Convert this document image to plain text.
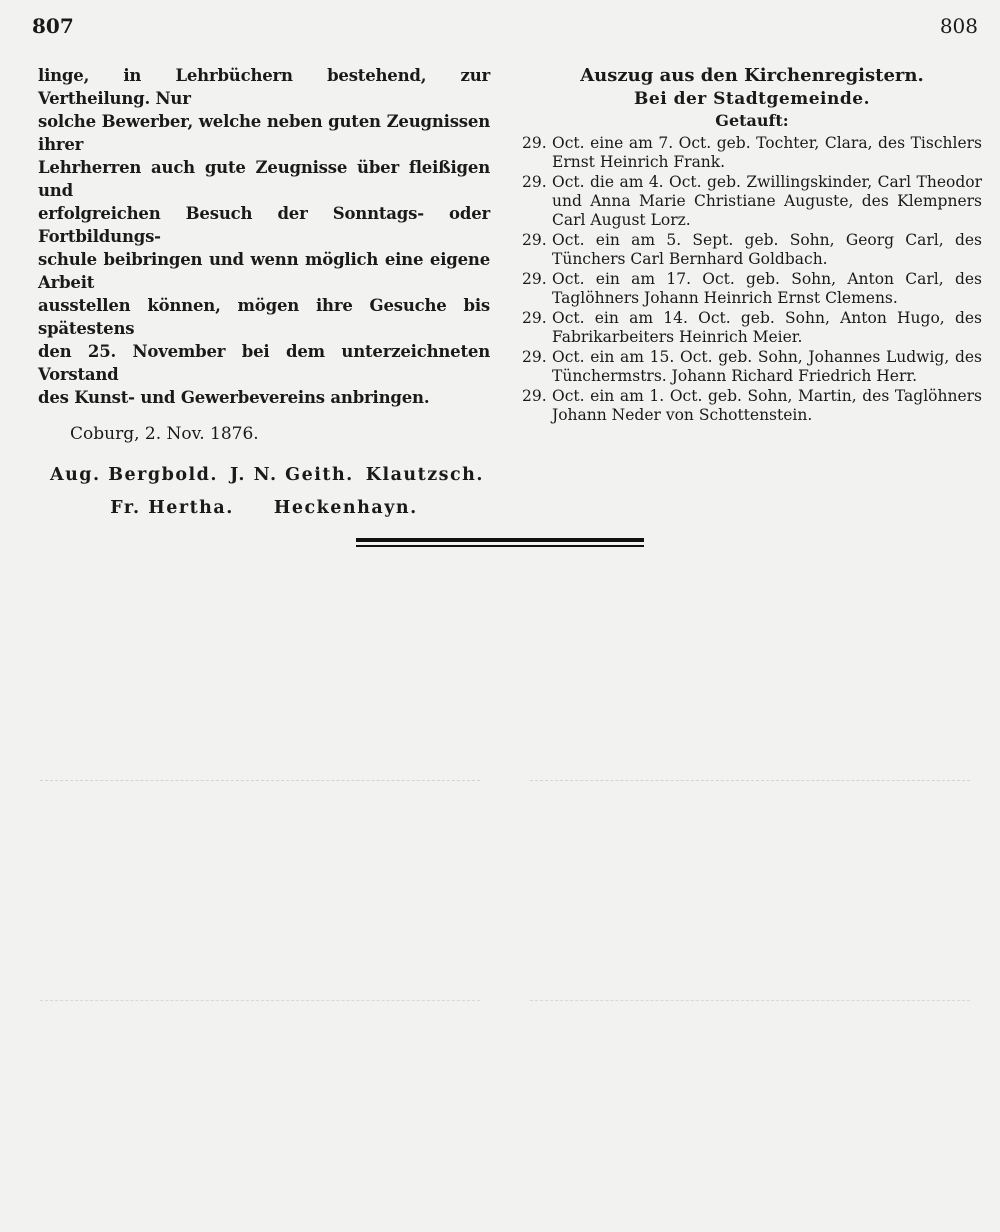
807	808
linge, in Lehrbüchern bestehend, zur Vertheilung. Nur
solche Bewerber, welche neben guten Zeugnissen ihrer
Lehrherren auch gute Zeugnisse über fleißigen und
erfolgreichen Besuch der Sonntags- oder Fortbildungs-
schule beibringen und wenn möglich eine eigene Arbeit
ausstellen können, mögen ihre Gesuche bis spätestens
den 25. November bei dem unterzeichneten Vorstand
des Kunst- und Gewerbevereins anbringen.
Coburg, 2. Nov. 1876.
Aug. Bergbold. J. N. Geith. Klautzsch.
Fr. Hertha. Heckenhayn.
Auszug aus den Kirchenregistern.
Bei der Stadtgemeinde.
Getauft:
29. Oct. eine am 7. Oct. geb. Tochter, Clara, des Tischlers Ernst Heinrich Frank.
29. Oct. die am 4. Oct. geb. Zwillingskinder, Carl Theodor und Anna Marie Christiane Auguste, des Klempners Carl August Lorz.
29. Oct. ein am 5. Sept. geb. Sohn, Georg Carl, des Tünchers Carl Bernhard Goldbach.
29. Oct. ein am 17. Oct. geb. Sohn, Anton Carl, des Taglöhners Johann Heinrich Ernst Clemens.
29. Oct. ein am 14. Oct. geb. Sohn, Anton Hugo, des Fabrikarbeiters Heinrich Meier.
29. Oct. ein am 15. Oct. geb. Sohn, Johannes Ludwig, des Tünchermstrs. Johann Richard Friedrich Herr.
29. Oct. ein am 1. Oct. geb. Sohn, Martin, des Taglöhners Johann Neder von Schottenstein.
